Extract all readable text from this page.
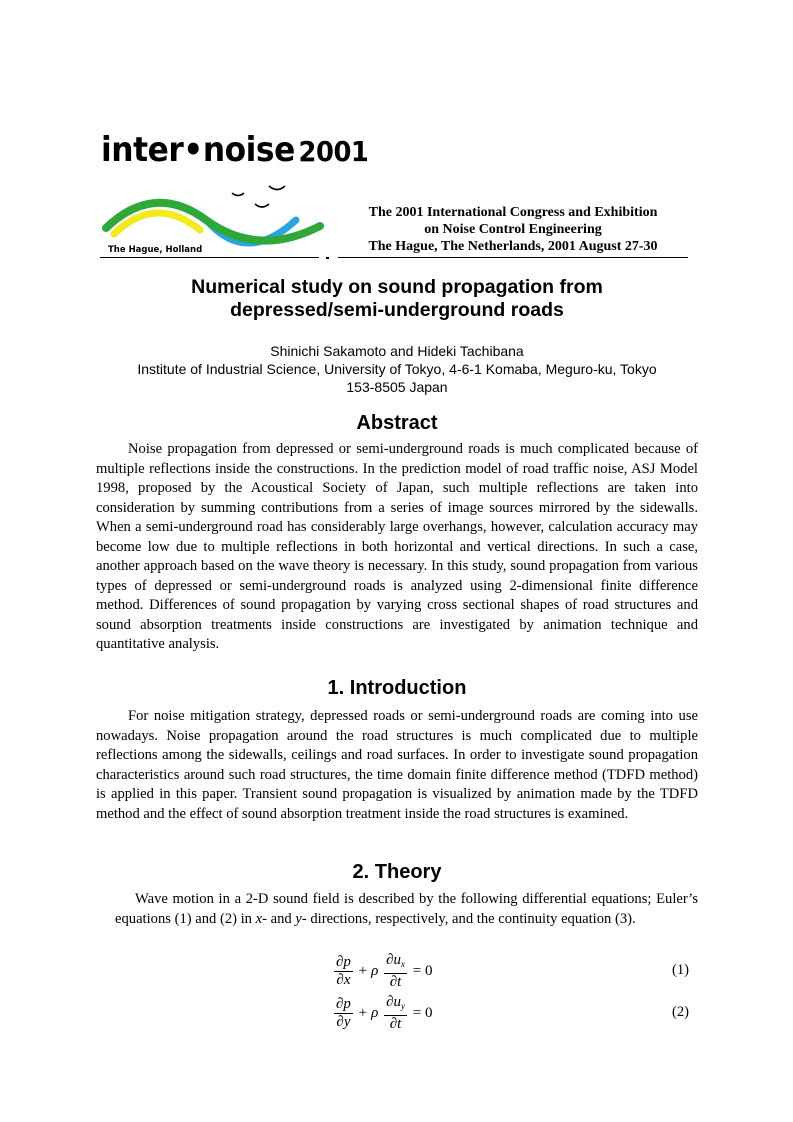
inter•noise 2001
The Hague, Holland
The 2001 International Congress and Exhibition
on Noise Control Engineering
The Hague, The Netherlands, 2001 August 27-30
Numerical study on sound propagation from
depressed/semi-underground roads
Shinichi Sakamoto and Hideki Tachibana
Institute of Industrial Science, University of Tokyo, 4-6-1 Komaba, Meguro-ku, Tokyo
153-8505 Japan
Abstract

Noise propagation from depressed or semi-underground roads is much complicated because of multiple reflections inside the constructions. In the prediction model of road traffic noise, ASJ Model 1998, proposed by the Acoustical Society of Japan, such multiple reflections are taken into consideration by summing contributions from a series of image sources mirrored by the sidewalls. When a semi-underground road has considerably large overhangs, however, calculation accuracy may become low due to multiple reflections in both horizontal and vertical directions. In such a case, another approach based on the wave theory is necessary. In this study, sound propagation from various types of depressed or semi-underground roads is analyzed using 2-dimensional finite difference method. Differences of sound propagation by varying cross sectional shapes of road structures and sound absorption treatments inside constructions are investigated by animation technique and quantitative analysis.

1. Introduction

For noise mitigation strategy, depressed roads or semi-underground roads are coming into use nowadays. Noise propagation around the road structures is much complicated due to multiple reflections among the sidewalls, ceilings and road surfaces. In order to investigate sound propagation characteristics around such road structures, the time domain finite difference method (TDFD method) is applied in this paper. Transient sound propagation is visualized by animation made by the TDFD method and the effect of sound absorption treatment inside the road structures is examined.

2. Theory

Wave motion in a 2-D sound field is described by the following differential equations; Euler’s equations (1) and (2) in x- and y- directions, respectively, and the continuity equation (3).

$\frac{\partial p}{\partial x} + \rho \frac{\partial u_x}{\partial t} = 0$	(1)
$\frac{\partial p}{\partial y} + \rho \frac{\partial u_y}{\partial t} = 0$	(2)
